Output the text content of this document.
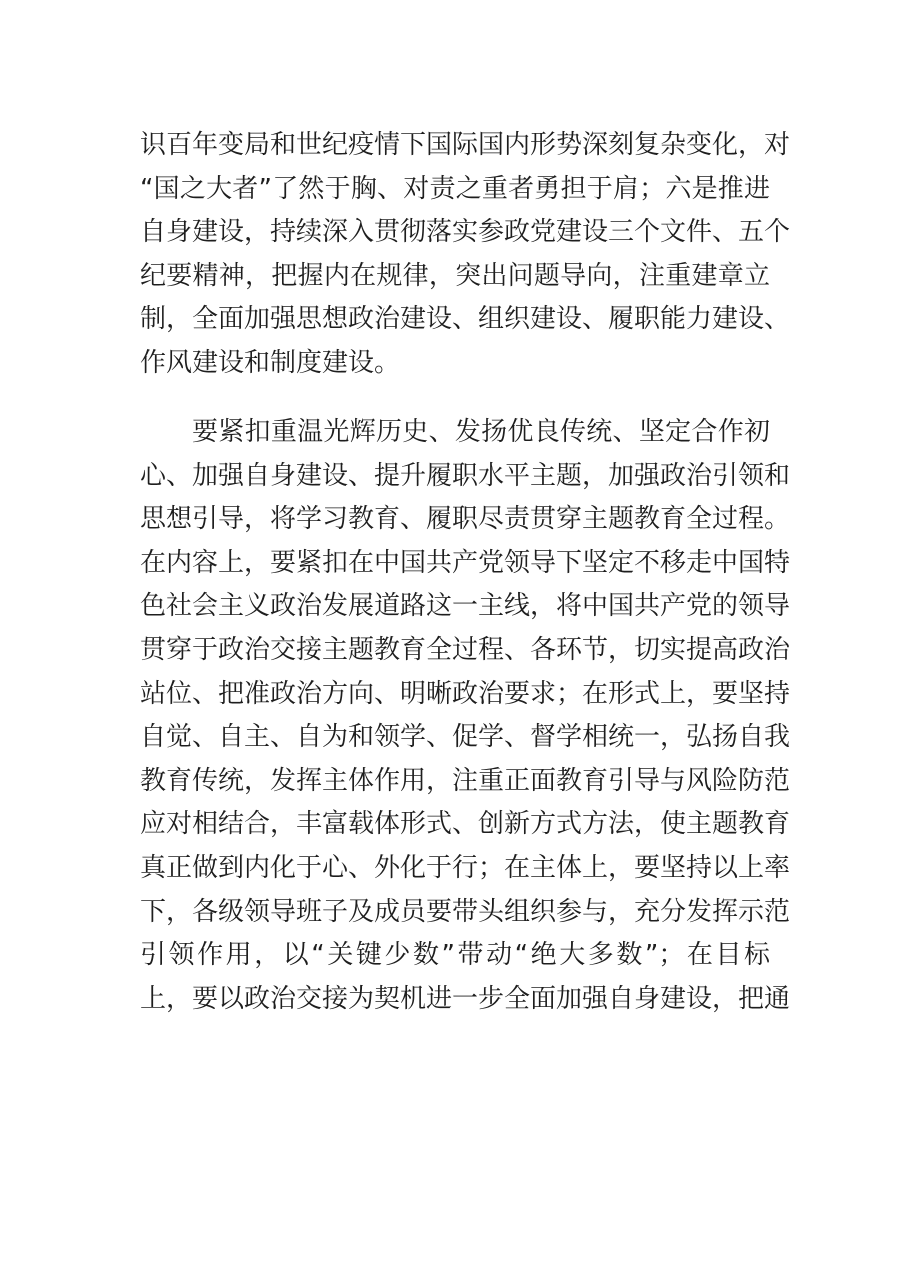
识百年变局和世纪疫情下国际国内形势深刻复杂变化，对
“国之大者”了然于胸、对责之重者勇担于肩；六是推进
自身建设，持续深入贯彻落实参政党建设三个文件、五个
纪要精神，把握内在规律，突出问题导向，注重建章立
制，全面加强思想政治建设、组织建设、履职能力建设、
作风建设和制度建设。
要紧扣重温光辉历史、发扬优良传统、坚定合作初
心、加强自身建设、提升履职水平主题，加强政治引领和
思想引导，将学习教育、履职尽责贯穿主题教育全过程。
在内容上，要紧扣在中国共产党领导下坚定不移走中国特
色社会主义政治发展道路这一主线，将中国共产党的领导
贯穿于政治交接主题教育全过程、各环节，切实提高政治
站位、把准政治方向、明晰政治要求；在形式上，要坚持
自觉、自主、自为和领学、促学、督学相统一，弘扬自我
教育传统，发挥主体作用，注重正面教育引导与风险防范
应对相结合，丰富载体形式、创新方式方法，使主题教育
真正做到内化于心、外化于行；在主体上，要坚持以上率
下，各级领导班子及成员要带头组织参与，充分发挥示范
引领作用，以“关键少数”带动“绝大多数”；在目标
上，要以政治交接为契机进一步全面加强自身建设，把通
